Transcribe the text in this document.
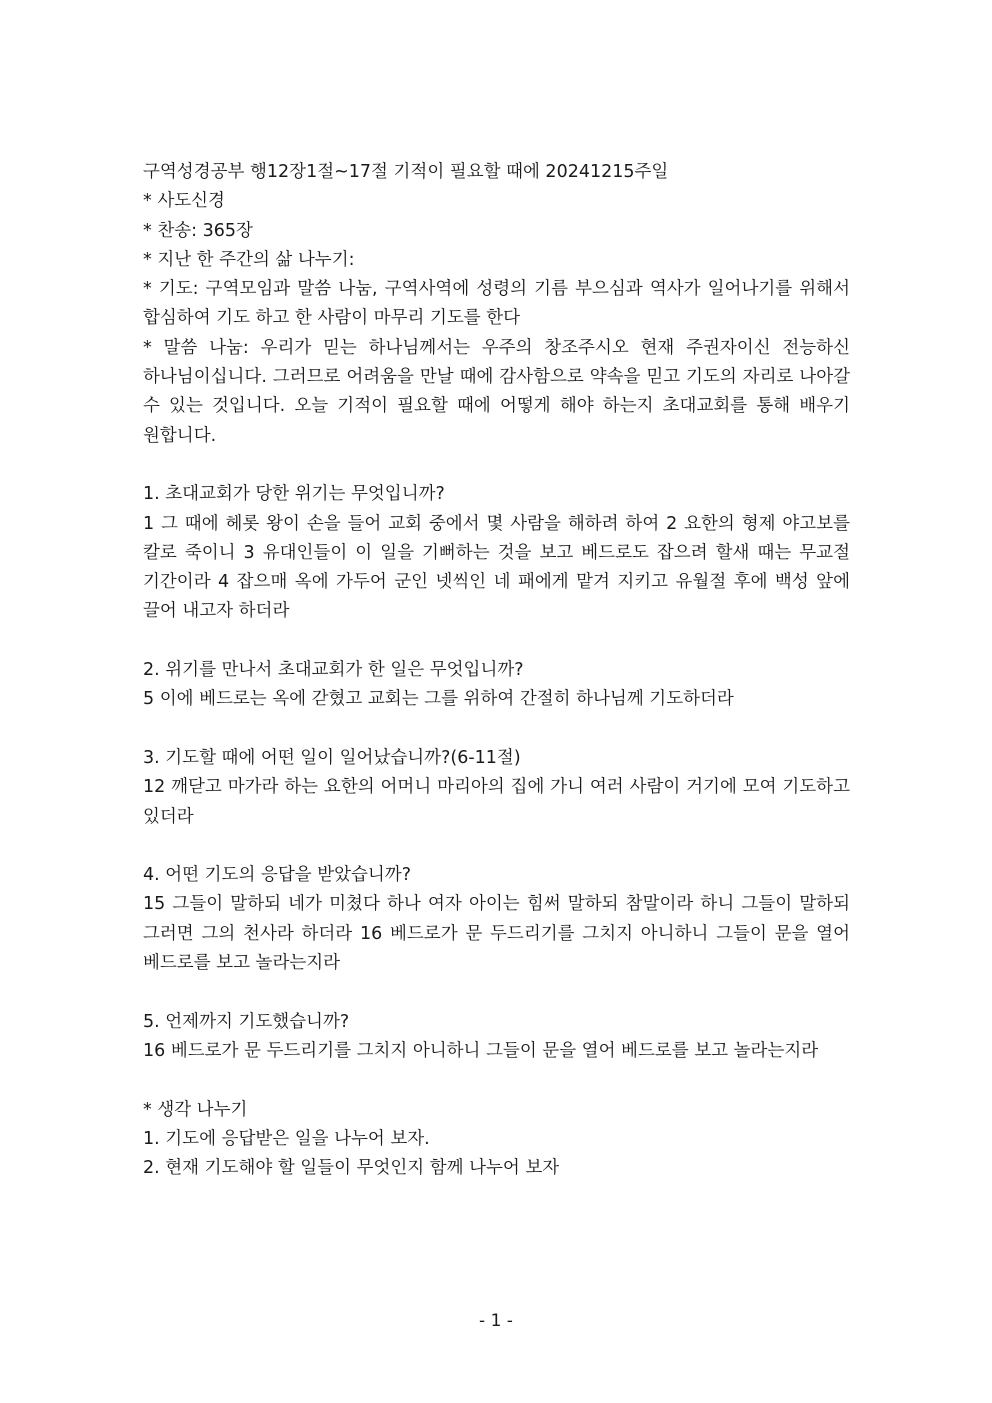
구역성경공부 행12장1절~17절 기적이 필요할 때에 20241215주일

* 사도신경

* 찬송: 365장

* 지난 한 주간의 삶 나누기:

* 기도: 구역모임과 말씀 나눔, 구역사역에 성령의 기름 부으심과 역사가 일어나기를 위해서 합심하여 기도 하고 한 사람이 마무리 기도를 한다

* 말씀 나눔: 우리가 믿는 하나님께서는 우주의 창조주시오 현재 주권자이신 전능하신 하나님이십니다. 그러므로 어려움을 만날 때에 감사함으로 약속을 믿고 기도의 자리로 나아갈 수 있는 것입니다. 오늘 기적이 필요할 때에 어떻게 해야 하는지 초대교회를 통해 배우기 원합니다.

1. 초대교회가 당한 위기는 무엇입니까?

1 그 때에 헤롯 왕이 손을 들어 교회 중에서 몇 사람을 해하려 하여 2 요한의 형제 야고보를 칼로 죽이니 3 유대인들이 이 일을 기뻐하는 것을 보고 베드로도 잡으려 할새 때는 무교절 기간이라 4 잡으매 옥에 가두어 군인 넷씩인 네 패에게 맡겨 지키고 유월절 후에 백성 앞에 끌어 내고자 하더라

2. 위기를 만나서 초대교회가 한 일은 무엇입니까?

5 이에 베드로는 옥에 갇혔고 교회는 그를 위하여 간절히 하나님께 기도하더라

3. 기도할 때에 어떤 일이 일어났습니까?(6-11절)

12 깨닫고 마가라 하는 요한의 어머니 마리아의 집에 가니 여러 사람이 거기에 모여 기도하고 있더라

4. 어떤 기도의 응답을 받았습니까?

15 그들이 말하되 네가 미쳤다 하나 여자 아이는 힘써 말하되 참말이라 하니 그들이 말하되 그러면 그의 천사라 하더라 16 베드로가 문 두드리기를 그치지 아니하니 그들이 문을 열어 베드로를 보고 놀라는지라

5. 언제까지 기도했습니까?

16 베드로가 문 두드리기를 그치지 아니하니 그들이 문을 열어 베드로를 보고 놀라는지라

* 생각 나누기

1. 기도에 응답받은 일을 나누어 보자.

2. 현재 기도해야 할 일들이 무엇인지 함께 나누어 보자

- 1 -
